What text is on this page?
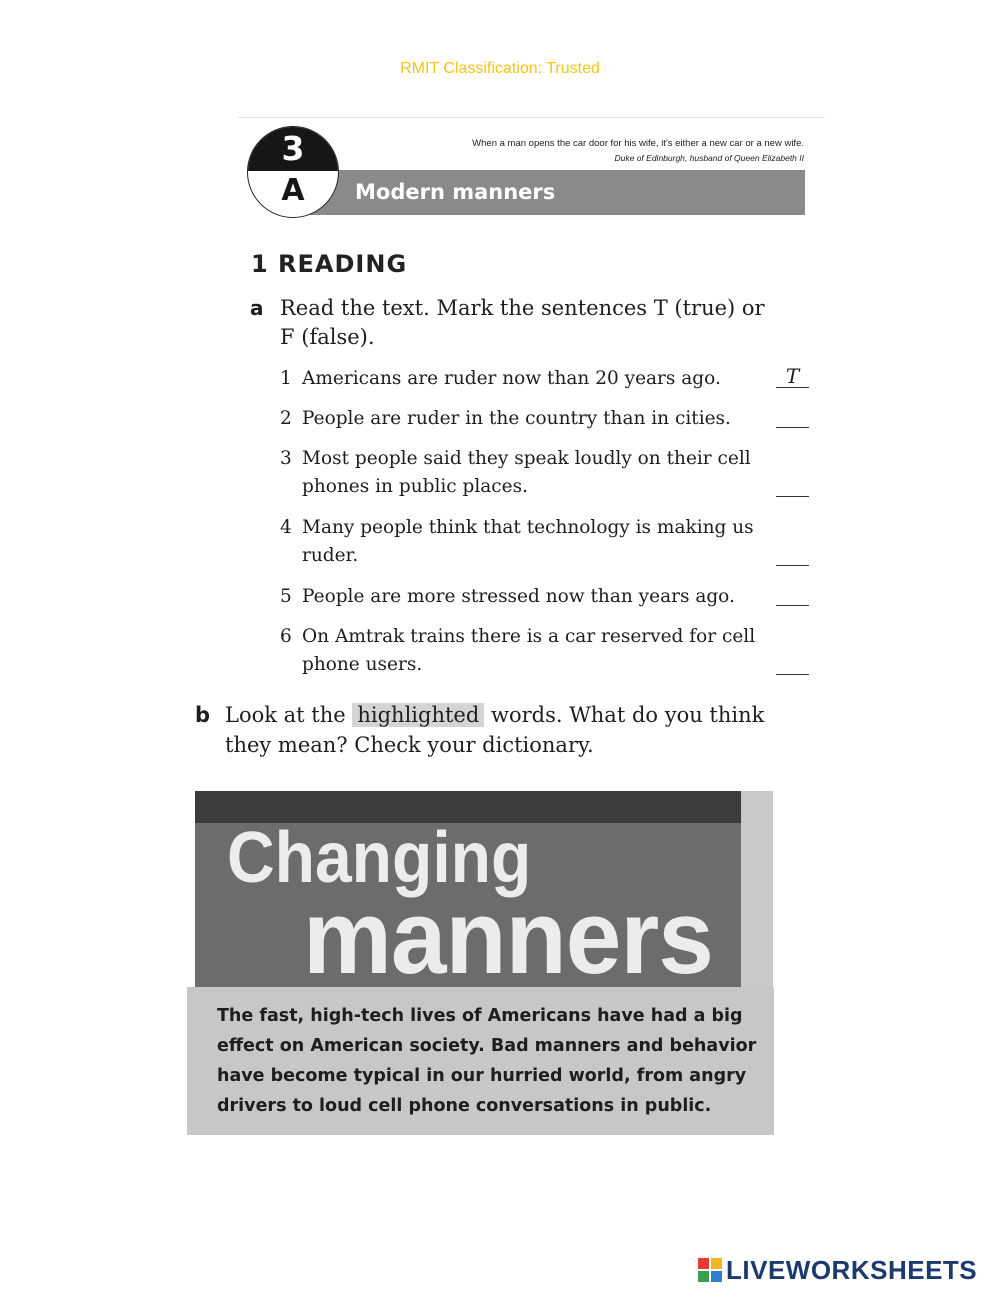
RMIT Classification: Trusted
When a man opens the car door for his wife, it's either a new car or a new wife.
Duke of Edinburgh, husband of Queen Elizabeth II
3
A	Modern manners
1 READING
a Read the text. Mark the sentences T (true) or F (false).
1 Americans are ruder now than 20 years ago.	T
2 People are ruder in the country than in cities.
3 Most people said they speak loudly on their cell phones in public places.
4 Many people think that technology is making us ruder.
5 People are more stressed now than years ago.
6 On Amtrak trains there is a car reserved for cell phone users.
b Look at the highlighted words. What do you think they mean? Check your dictionary.
Changing
manners

The fast, high-tech lives of Americans have had a big effect on American society. Bad manners and behavior have become typical in our hurried world, from angry drivers to loud cell phone conversations in public.

LIVEWORKSHEETS
